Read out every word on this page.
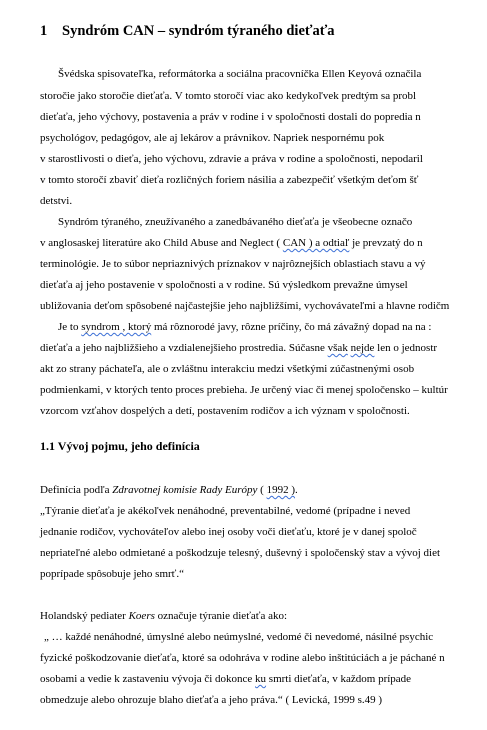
1 Syndróm CAN – syndróm týraného dieťaťa
Švédska spisovateľka, reformátorka a sociálna pracovníčka Ellen Keyová označila
storočie jako storočie dieťaťa. V tomto storočí viac ako kedykoľvek predtým sa probl
dieťaťa, jeho výchovy, postavenia a práv v rodine i v spoločnosti dostali do popredia n
psychológov, pedagógov, ale aj lekárov a právnikov. Napriek nespornému pok
v starostlivosti o dieťa, jeho výchovu, zdravie a práva v rodine a spoločnosti, nepodaril
v tomto storočí zbaviť dieťa rozličných foriem násilia a zabezpečiť všetkým deťom šť
detstvi.
Syndróm týraného, zneužívaného a zanedbávaného dieťaťa je všeobecne označo
v anglosaskej literatúre ako Child Abuse and Neglect ( CAN ) a odtiaľ je prevzatý do n
terminológie. Je to súbor nepriaznivých príznakov v najrôznejších oblastiach stavu a vý
dieťaťa aj jeho postavenie v spoločnosti a v rodine. Sú výsledkom prevažne úmysel
ubližovania deťom spôsobené najčastejšie jeho najbližšími, vychovávateľmi a hlavne rodičm
Je to syndrom , ktorý má rôznorodé javy, rôzne príčiny, čo má závažný dopad na na :
dieťaťa a jeho najbližšieho a vzdialenejšieho prostredia. Súčasne však nejde len o jednostr
akt zo strany páchateľa, ale o zvláštnu interakciu medzi všetkými zúčastnenými osob
podmienkami, v ktorých tento proces prebieha. Je určený viac či menej spoločensko – kultúr
vzorcom vzťahov dospelých a detí, postavením rodičov a ich význam v spoločnosti.
1.1 Vývoj pojmu, jeho definícia
Definícia podľa Zdravotnej komisie Rady Európy ( 1992 ).
„Týranie dieťaťa je akékoľvek nenáhodné, preventabilné, vedomé (prípadne i neved
jednanie rodičov, vychováteľov alebo inej osoby voči dieťaťu, ktoré je v danej spoloč
nepriateľné alebo odmietané a poškodzuje telesný, duševný i spoločenský stav a vývoj diet
poprípade spôsobuje jeho smrť.“
Holandský pediater Koers označuje týranie dieťaťa ako:
„ … každé nenáhodné, úmyslné alebo neúmyslné, vedomé či nevedomé, násilné psychic
fyzické poškodzovanie dieťaťa, ktoré sa odohráva v rodine alebo inštitúciách a je páchané n
osobami a vedie k zastaveniu vývoja či dokonce ku smrti dieťaťa, v každom prípade
obmedzuje alebo ohrozuje blaho dieťaťa a jeho práva.“ ( Levická, 1999 s.49 )
